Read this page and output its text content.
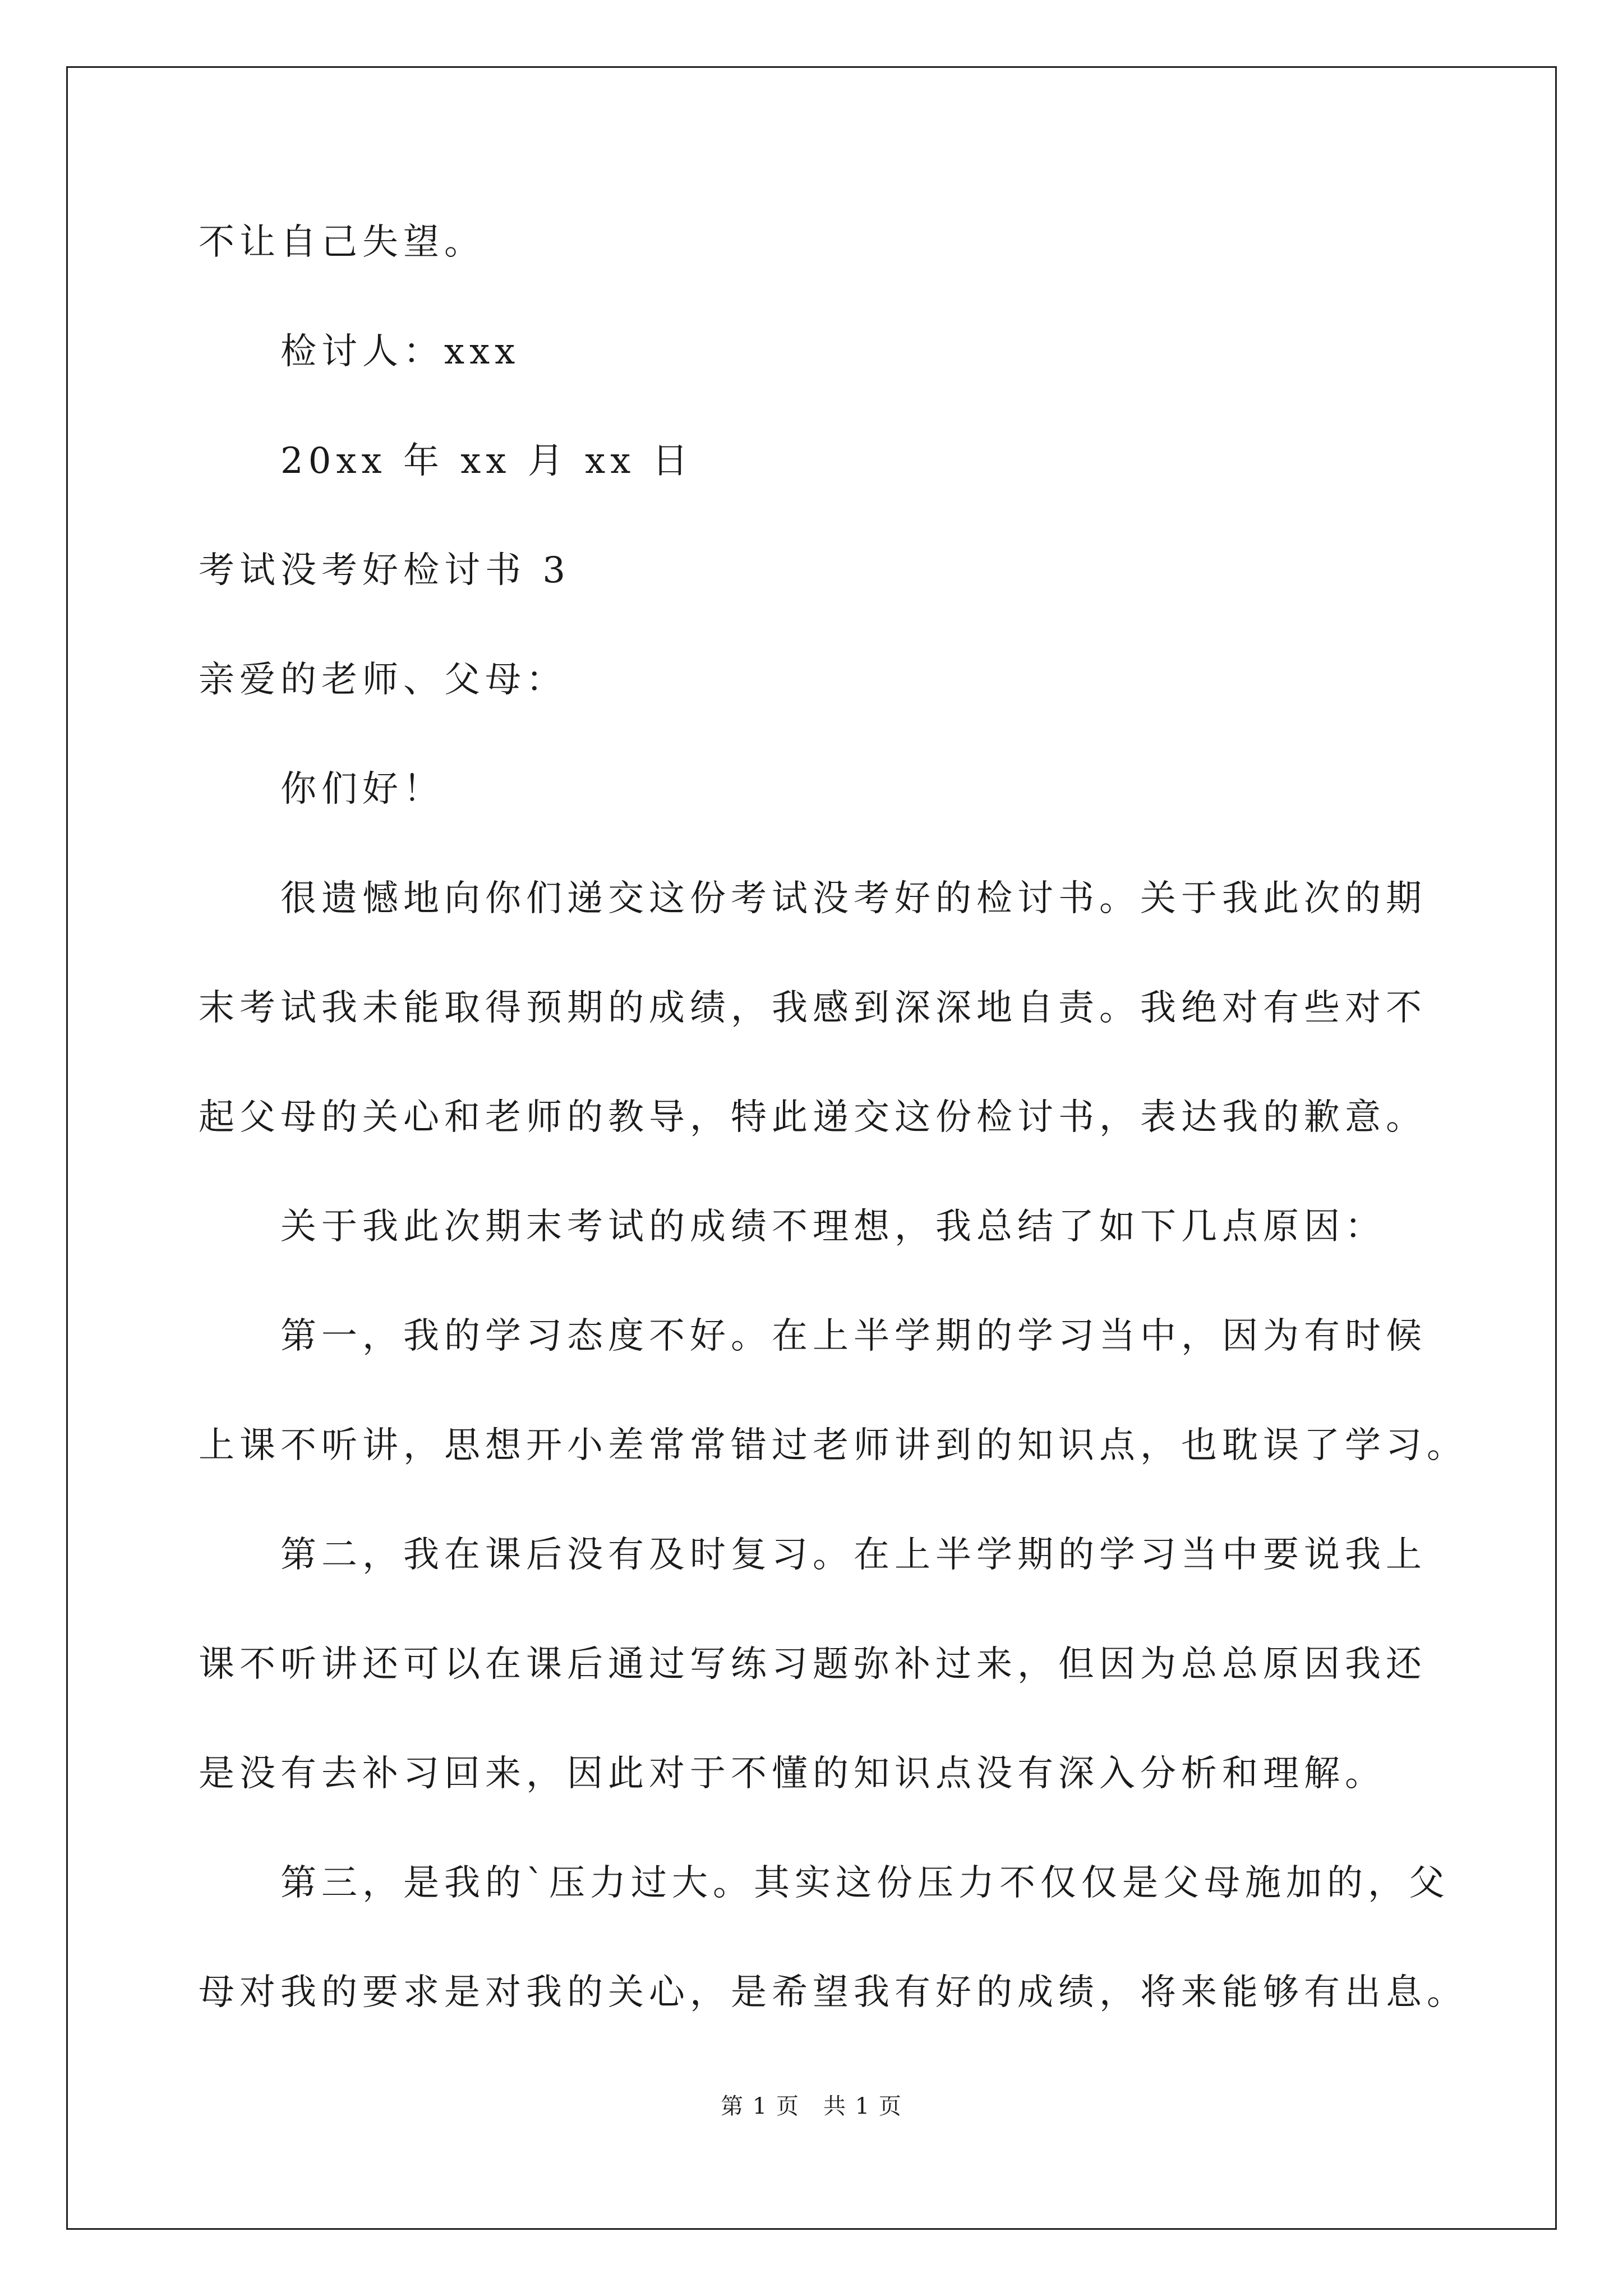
不让自己失望。
检讨人：xxx
20xx 年 xx 月 xx 日
考试没考好检讨书 3
亲爱的老师、父母：
你们好！
很遗憾地向你们递交这份考试没考好的检讨书。关于我此次的期
末考试我未能取得预期的成绩，我感到深深地自责。我绝对有些对不
起父母的关心和老师的教导，特此递交这份检讨书，表达我的歉意。
关于我此次期末考试的成绩不理想，我总结了如下几点原因：
第一，我的学习态度不好。在上半学期的学习当中，因为有时候
上课不听讲，思想开小差常常错过老师讲到的知识点，也耽误了学习。
第二，我在课后没有及时复习。在上半学期的学习当中要说我上
课不听讲还可以在课后通过写练习题弥补过来，但因为总总原因我还
是没有去补习回来，因此对于不懂的知识点没有深入分析和理解。
第三，是我的`压力过大。其实这份压力不仅仅是父母施加的，父
母对我的要求是对我的关心，是希望我有好的成绩，将来能够有出息。
第 1 页　共 1 页
